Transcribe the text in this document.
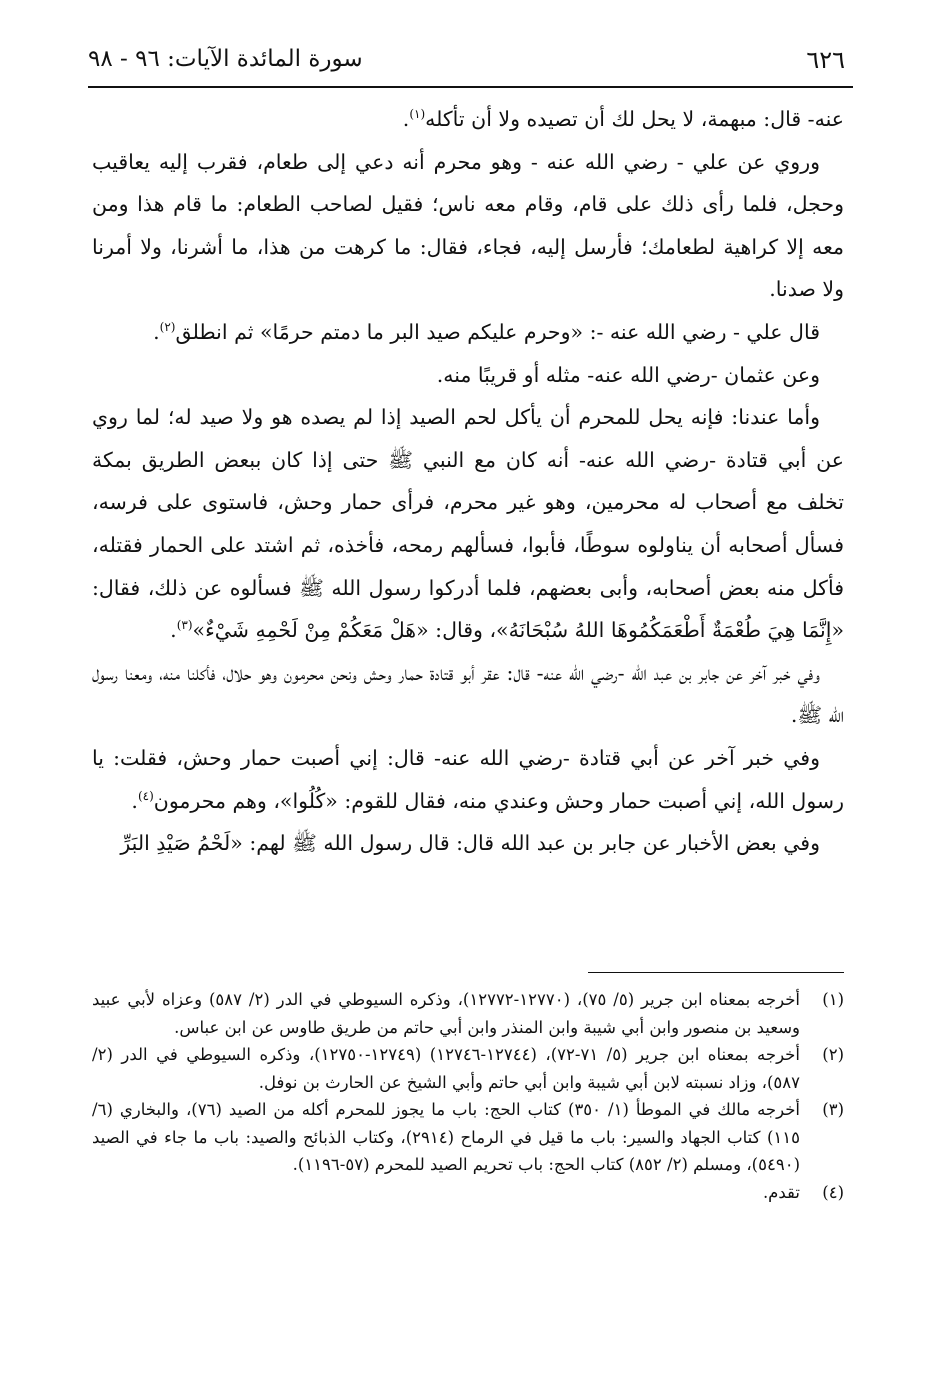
٦٢٦
سورة المائدة الآيات: ٩٦ - ٩٨

عنه- قال: مبهمة، لا يحل لك أن تصيده ولا أن تأكله$^{(١)}$.

وروي عن علي - رضي الله عنه - وهو محرم أنه دعي إلى طعام، فقرب إليه يعاقيب وحجل، فلما رأى ذلك على قام، وقام معه ناس؛ فقيل لصاحب الطعام: ما قام هذا ومن معه إلا كراهية لطعامك؛ فأرسل إليه، فجاء، فقال: ما كرهت من هذا، ما أشرنا، ولا أمرنا ولا صدنا.

قال علي - رضي الله عنه -: «وحرم عليكم صيد البر ما دمتم حرمًا» ثم انطلق$^{(٢)}$.

وعن عثمان -رضي الله عنه- مثله أو قريبًا منه.

وأما عندنا: فإنه يحل للمحرم أن يأكل لحم الصيد إذا لم يصده هو ولا صيد له؛ لما روي عن أبي قتادة -رضي الله عنه- أنه كان مع النبي ﷺ حتى إذا كان ببعض الطريق بمكة تخلف مع أصحاب له محرمين، وهو غير محرم، فرأى حمار وحش، فاستوى على فرسه، فسأل أصحابه أن يناولوه سوطًا، فأبوا، فسألهم رمحه، فأخذه، ثم اشتد على الحمار فقتله، فأكل منه بعض أصحابه، وأبى بعضهم، فلما أدركوا رسول الله ﷺ فسألوه عن ذلك، فقال: «إِنَّمَا هِيَ طُعْمَةٌ أَطْعَمَكُمُوهَا اللهُ سُبْحَانَهُ»، وقال: «هَلْ مَعَكُمْ مِنْ لَحْمِهِ شَيْءٌ»$^{(٣)}$.

وفي خبر آخر عن جابر بن عبد الله -رضي الله عنه- قال: عقر أبو قتادة حمار وحش ونحن محرمون وهو حلال، فأكلنا منه، ومعنا رسول الله ﷺ.

وفي خبر آخر عن أبي قتادة -رضي الله عنه- قال: إني أصبت حمار وحش، فقلت: يا رسول الله، إني أصبت حمار وحش وعندي منه، فقال للقوم: «كُلُوا»، وهم محرمون$^{(٤)}$.

وفي بعض الأخبار عن جابر بن عبد الله قال: قال رسول الله ﷺ لهم: «لَحْمُ صَيْدِ البَرِّ

(١)
أخرجه بمعناه ابن جرير (٥/ ٧٥)، (١٢٧٧٠-١٢٧٧٢)، وذكره السيوطي في الدر (٢/ ٥٨٧) وعزاه لأبي عبيد وسعيد بن منصور وابن أبي شيبة وابن المنذر وابن أبي حاتم من طريق طاوس عن ابن عباس.
(٢)
أخرجه بمعناه ابن جرير (٥/ ٧١-٧٢)، (١٢٧٤٤-١٢٧٤٦) (١٢٧٤٩-١٢٧٥٠)، وذكره السيوطي في الدر (٢/ ٥٨٧)، وزاد نسبته لابن أبي شيبة وابن أبي حاتم وأبي الشيخ عن الحارث بن نوفل.
(٣)
أخرجه مالك في الموطأ (١/ ٣٥٠) كتاب الحج: باب ما يجوز للمحرم أكله من الصيد (٧٦)، والبخاري (٦/ ١١٥) كتاب الجهاد والسير: باب ما قيل في الرماح (٢٩١٤)، وكتاب الذبائح والصيد: باب ما جاء في الصيد (٥٤٩٠)، ومسلم (٢/ ٨٥٢) كتاب الحج: باب تحريم الصيد للمحرم (٥٧-١١٩٦).
(٤)
تقدم.
